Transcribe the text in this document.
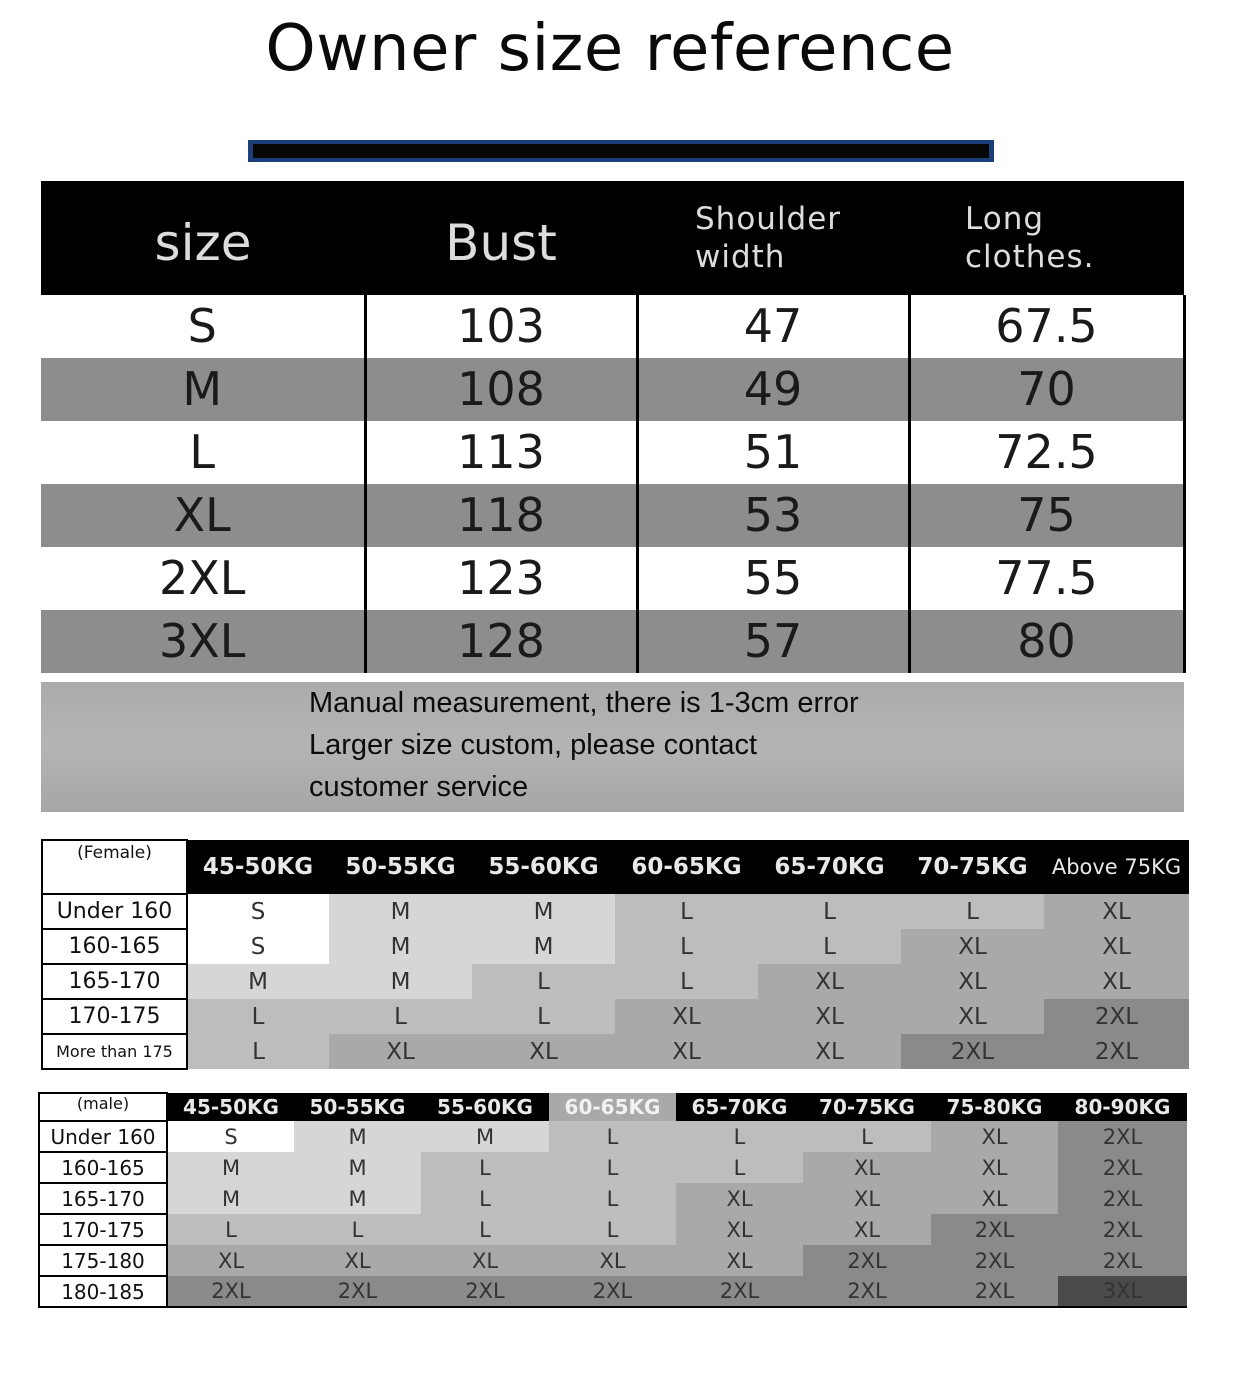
Owner size reference
size	Bust	Shoulder width	Long clothes.
S	103	47	67.5
M	108	49	70
L	113	51	72.5
XL	118	53	75
2XL	123	55	77.5
3XL	128	57	80
Manual measurement, there is 1-3cm error
Larger size custom, please contact
customer service
(Female)	45-50KG	50-55KG	55-60KG	60-65KG	65-70KG	70-75KG	Above 75KG
Under 160	S	M	M	L	L	L	XL
160-165	S	M	M	L	L	XL	XL
165-170	M	M	L	L	XL	XL	XL
170-175	L	L	L	XL	XL	XL	2XL
More than 175	L	XL	XL	XL	XL	2XL	2XL
(male)	45-50KG	50-55KG	55-60KG	60-65KG	65-70KG	70-75KG	75-80KG	80-90KG
Under 160	S	M	M	L	L	L	XL	2XL
160-165	M	M	L	L	L	XL	XL	2XL
165-170	M	M	L	L	XL	XL	XL	2XL
170-175	L	L	L	L	XL	XL	2XL	2XL
175-180	XL	XL	XL	XL	XL	2XL	2XL	2XL
180-185	2XL	2XL	2XL	2XL	2XL	2XL	2XL	3XL
